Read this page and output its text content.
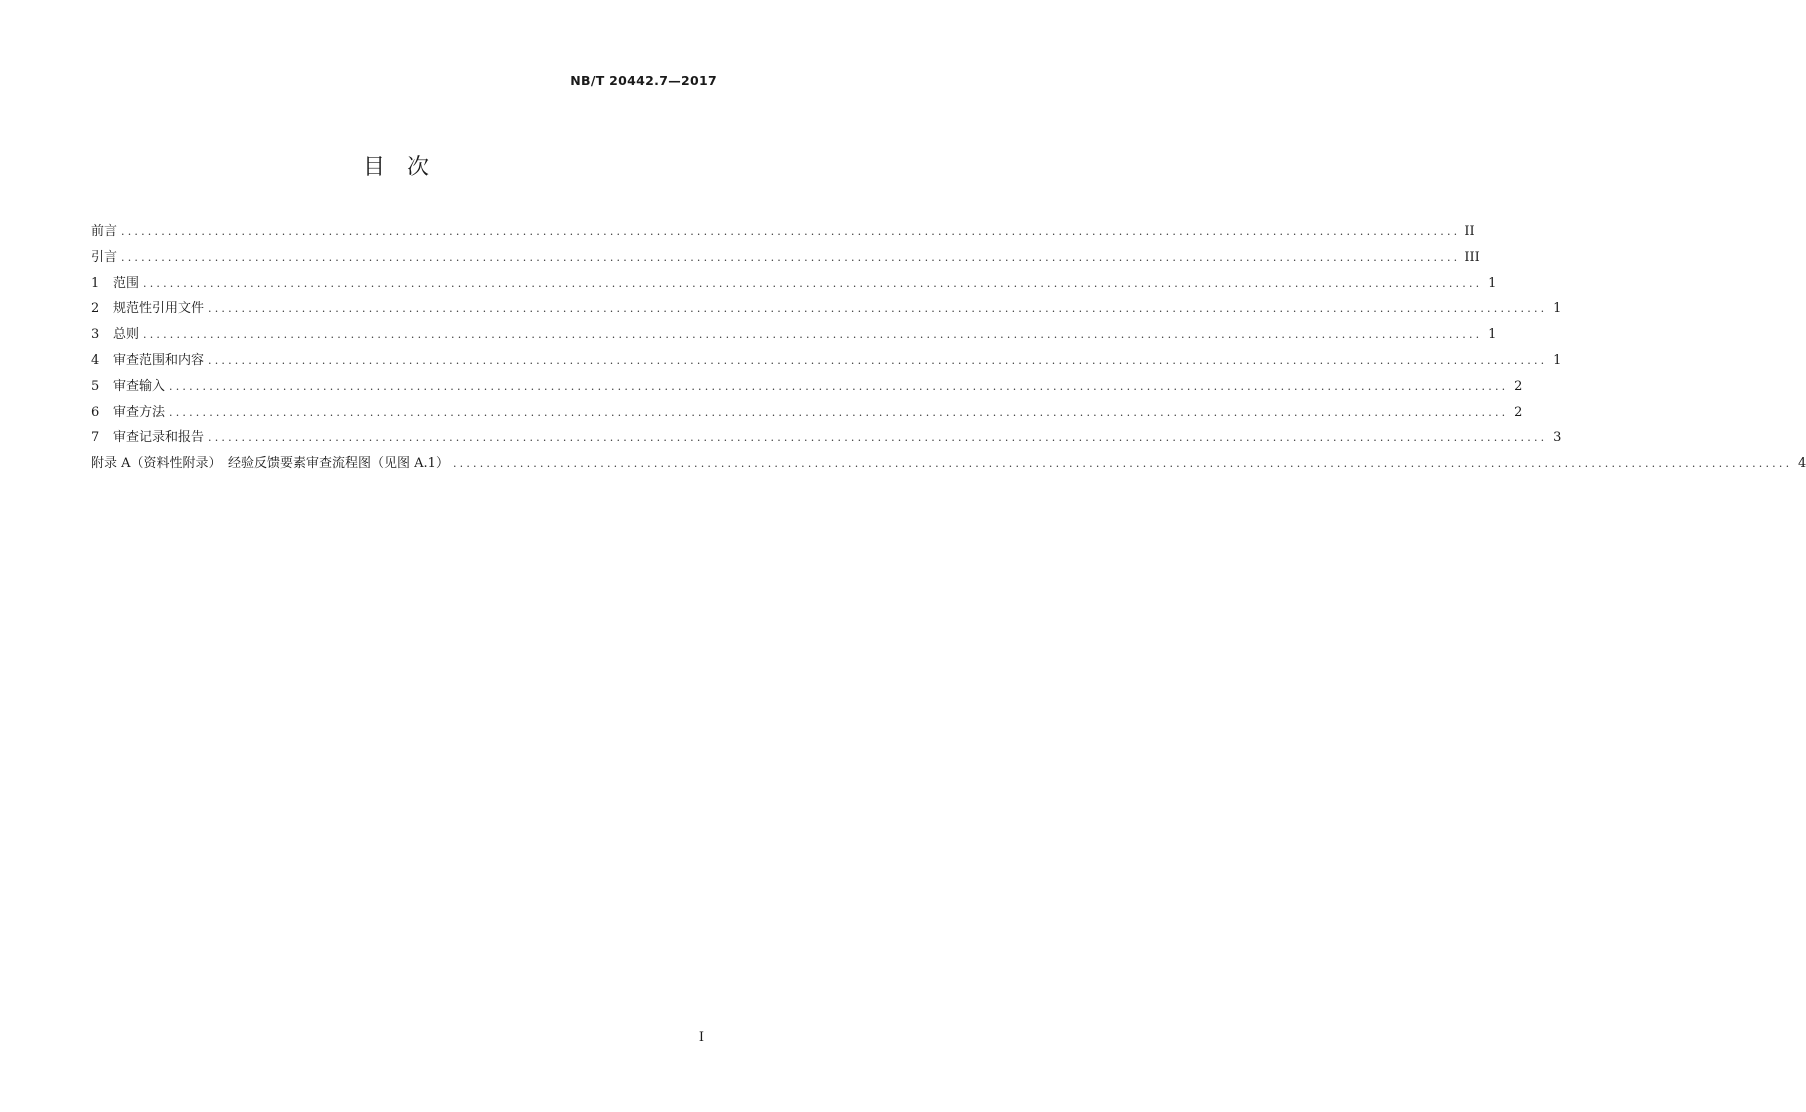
NB/T 20442.7—2017
目 次
前言 ........................................................................................................................................................................................................ II
引言 ........................................................................................................................................................................................................ III
1	范围 ........................................................................................................................................................................................................ 1
2	规范性引用文件 ........................................................................................................................................................................................................ 1
3	总则 ........................................................................................................................................................................................................ 1
4	审查范围和内容 ........................................................................................................................................................................................................ 1
5	审查输入 ........................................................................................................................................................................................................ 2
6	审查方法 ........................................................................................................................................................................................................ 2
7	审查记录和报告 ........................................................................................................................................................................................................ 3
附录 A（资料性附录）　经验反馈要素审查流程图（见图 A.1） ........................................................................................................................................................................................................ 4
I
